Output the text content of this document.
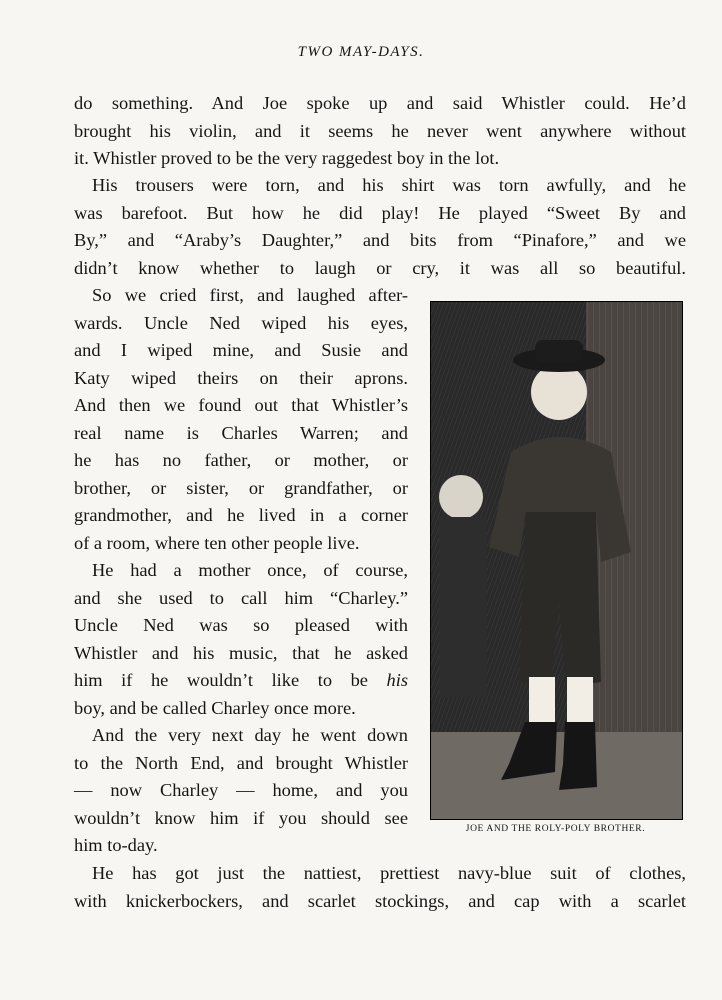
TWO MAY-DAYS.
do something. And Joe spoke up and said Whistler could. He’d
brought his violin, and it seems he never went anywhere without
it. Whistler proved to be the very raggedest boy in the lot.
His trousers were torn, and his shirt was torn awfully, and he
was barefoot. But how he did play! He played “Sweet By and
By,” and “Araby’s Daughter,” and bits from “Pinafore,” and we
didn’t know whether to laugh or cry, it was all so beautiful.
So we cried first, and laughed after-
wards. Uncle Ned wiped his eyes,
and I wiped mine, and Susie and
Katy wiped theirs on their aprons.
And then we found out that Whistler’s
real name is Charles Warren; and
he has no father, or mother, or
brother, or sister, or grandfather, or
grandmother, and he lived in a corner
of a room, where ten other people live.
He had a mother once, of course,
and she used to call him “Charley.”
Uncle Ned was so pleased with
Whistler and his music, that he asked
him if he wouldn’t like to be his
boy, and be called Charley once more.
And the very next day he went down
to the North End, and brought Whistler
— now Charley — home, and you
wouldn’t know him if you should see
him to-day.
He has got just the nattiest, prettiest navy-blue suit of clothes,
with knickerbockers, and scarlet stockings, and cap with a scarlet
JOE AND THE ROLY-POLY BROTHER.
